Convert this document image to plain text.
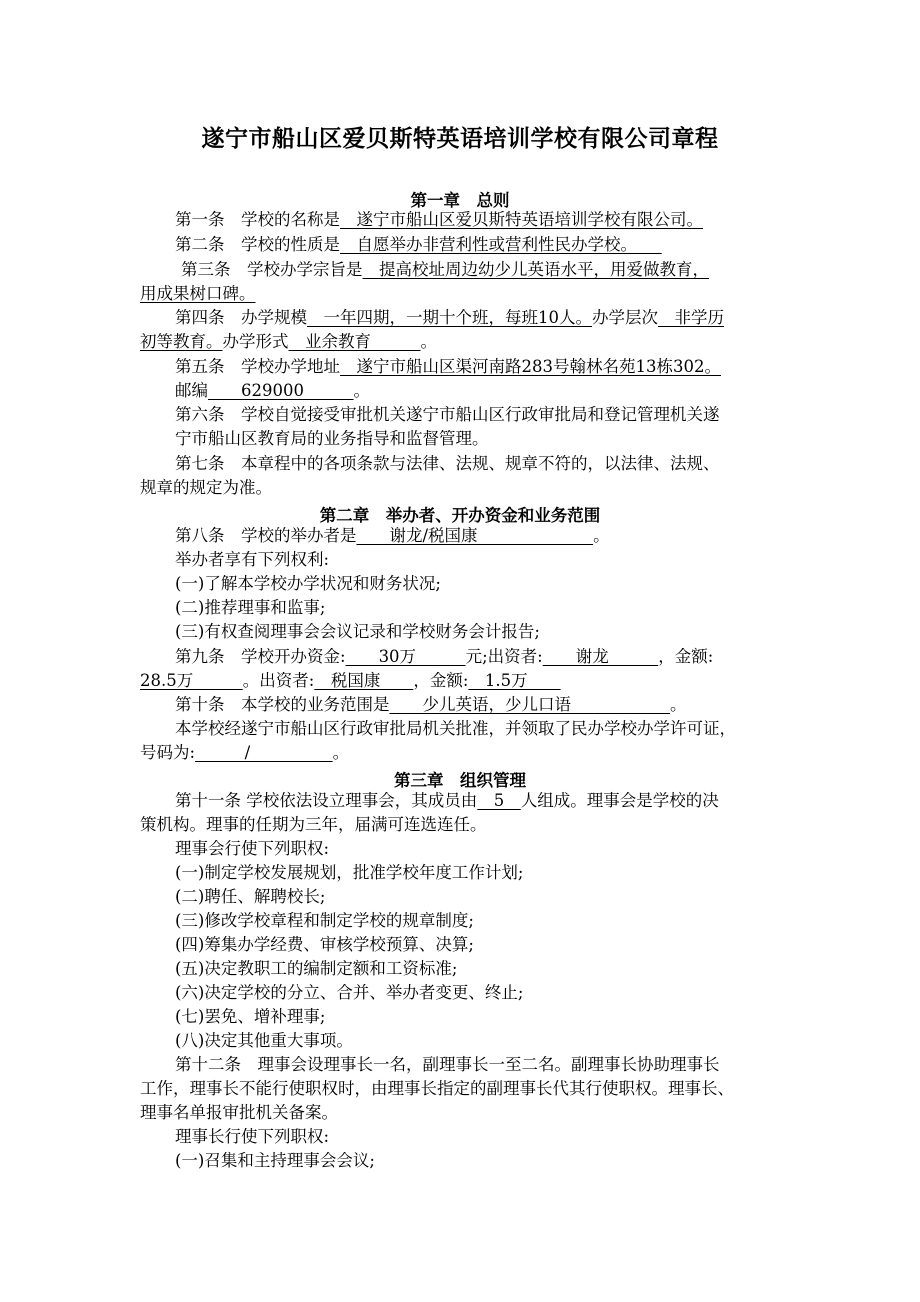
遂宁市船山区爱贝斯特英语培训学校有限公司章程
第一章　总则
第一条　学校的名称是　遂宁市船山区爱贝斯特英语培训学校有限公司。
第二条　学校的性质是　自愿举办非营利性或营利性民办学校。　　
第三条　学校办学宗旨是　提高校址周边幼少儿英语水平，用爱做教育，
用成果树口碑。
第四条　办学规模　一年四期，一期十个班，每班10人。办学层次　非学历
初等教育。办学形式　业余教育　　　。
第五条　学校办学地址　遂宁市船山区渠河南路283号翰林名苑13栋302。
邮编　　629000　　　。
第六条　学校自觉接受审批机关遂宁市船山区行政审批局和登记管理机关遂
宁市船山区教育局的业务指导和监督管理。
第七条　本章程中的各项条款与法律、法规、规章不符的，以法律、法规、
规章的规定为准。
第二章　举办者、开办资金和业务范围
第八条　学校的举办者是　　谢龙/税国康　　　　　　　。
举办者享有下列权利:
(一)了解本学校办学状况和财务状况;
(二)推荐理事和监事;
(三)有权查阅理事会会议记录和学校财务会计报告;
第九条　学校开办资金:　　30万　　　元;出资者:　　谢龙　　　，金额:
28.5万　　　。出资者:　税国康　　，金额:　1.5万　　
第十条　本学校的业务范围是　　少儿英语，少儿口语　　　　　　。
本学校经遂宁市船山区行政审批局机关批准，并领取了民办学校办学许可证，
号码为:　　　/　　　　　。
第三章　组织管理
第十一条 学校依法设立理事会，其成员由　5　人组成。理事会是学校的决
策机构。理事的任期为三年，届满可连选连任。
理事会行使下列职权:
(一)制定学校发展规划，批准学校年度工作计划;
(二)聘任、解聘校长;
(三)修改学校章程和制定学校的规章制度;
(四)筹集办学经费、审核学校预算、决算;
(五)决定教职工的编制定额和工资标准;
(六)决定学校的分立、合并、举办者变更、终止;
(七)罢免、增补理事;
(八)决定其他重大事项。
第十二条　理事会设理事长一名，副理事长一至二名。副理事长协助理事长
工作，理事长不能行使职权时，由理事长指定的副理事长代其行使职权。理事长、
理事名单报审批机关备案。
理事长行使下列职权:
(一)召集和主持理事会会议;
